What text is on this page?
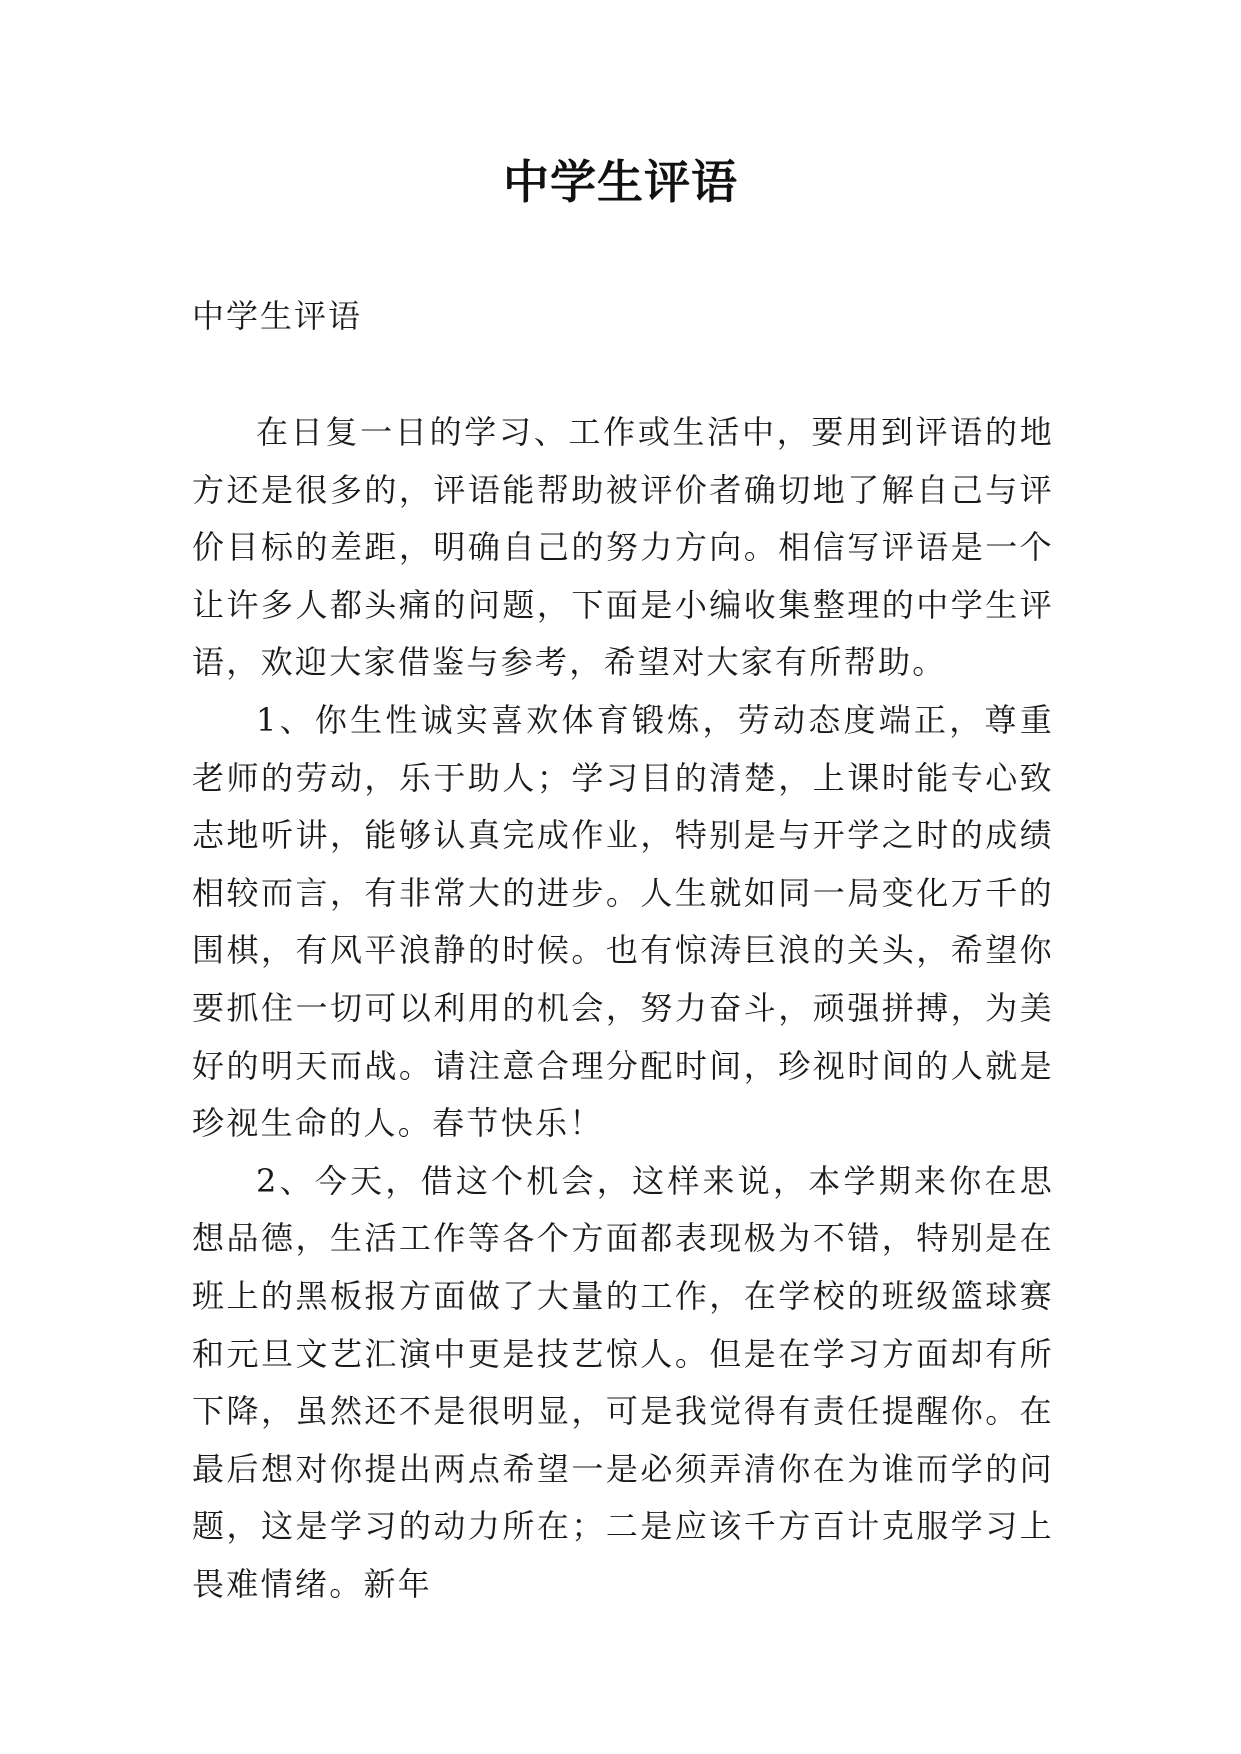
中学生评语

中学生评语

在日复一日的学习、工作或生活中，要用到评语的地方还是很多的，评语能帮助被评价者确切地了解自己与评价目标的差距，明确自己的努力方向。相信写评语是一个让许多人都头痛的问题，下面是小编收集整理的中学生评语，欢迎大家借鉴与参考，希望对大家有所帮助。

1、你生性诚实喜欢体育锻炼，劳动态度端正，尊重老师的劳动，乐于助人；学习目的清楚，上课时能专心致志地听讲，能够认真完成作业，特别是与开学之时的成绩相较而言，有非常大的进步。人生就如同一局变化万千的围棋，有风平浪静的时候。也有惊涛巨浪的关头，希望你要抓住一切可以利用的机会，努力奋斗，顽强拼搏，为美好的明天而战。请注意合理分配时间，珍视时间的人就是珍视生命的人。春节快乐！

2、今天，借这个机会，这样来说，本学期来你在思想品德，生活工作等各个方面都表现极为不错，特别是在班上的黑板报方面做了大量的工作，在学校的班级篮球赛和元旦文艺汇演中更是技艺惊人。但是在学习方面却有所下降，虽然还不是很明显，可是我觉得有责任提醒你。在最后想对你提出两点希望一是必须弄清你在为谁而学的问题，这是学习的动力所在；二是应该千方百计克服学习上畏难情绪。新年
